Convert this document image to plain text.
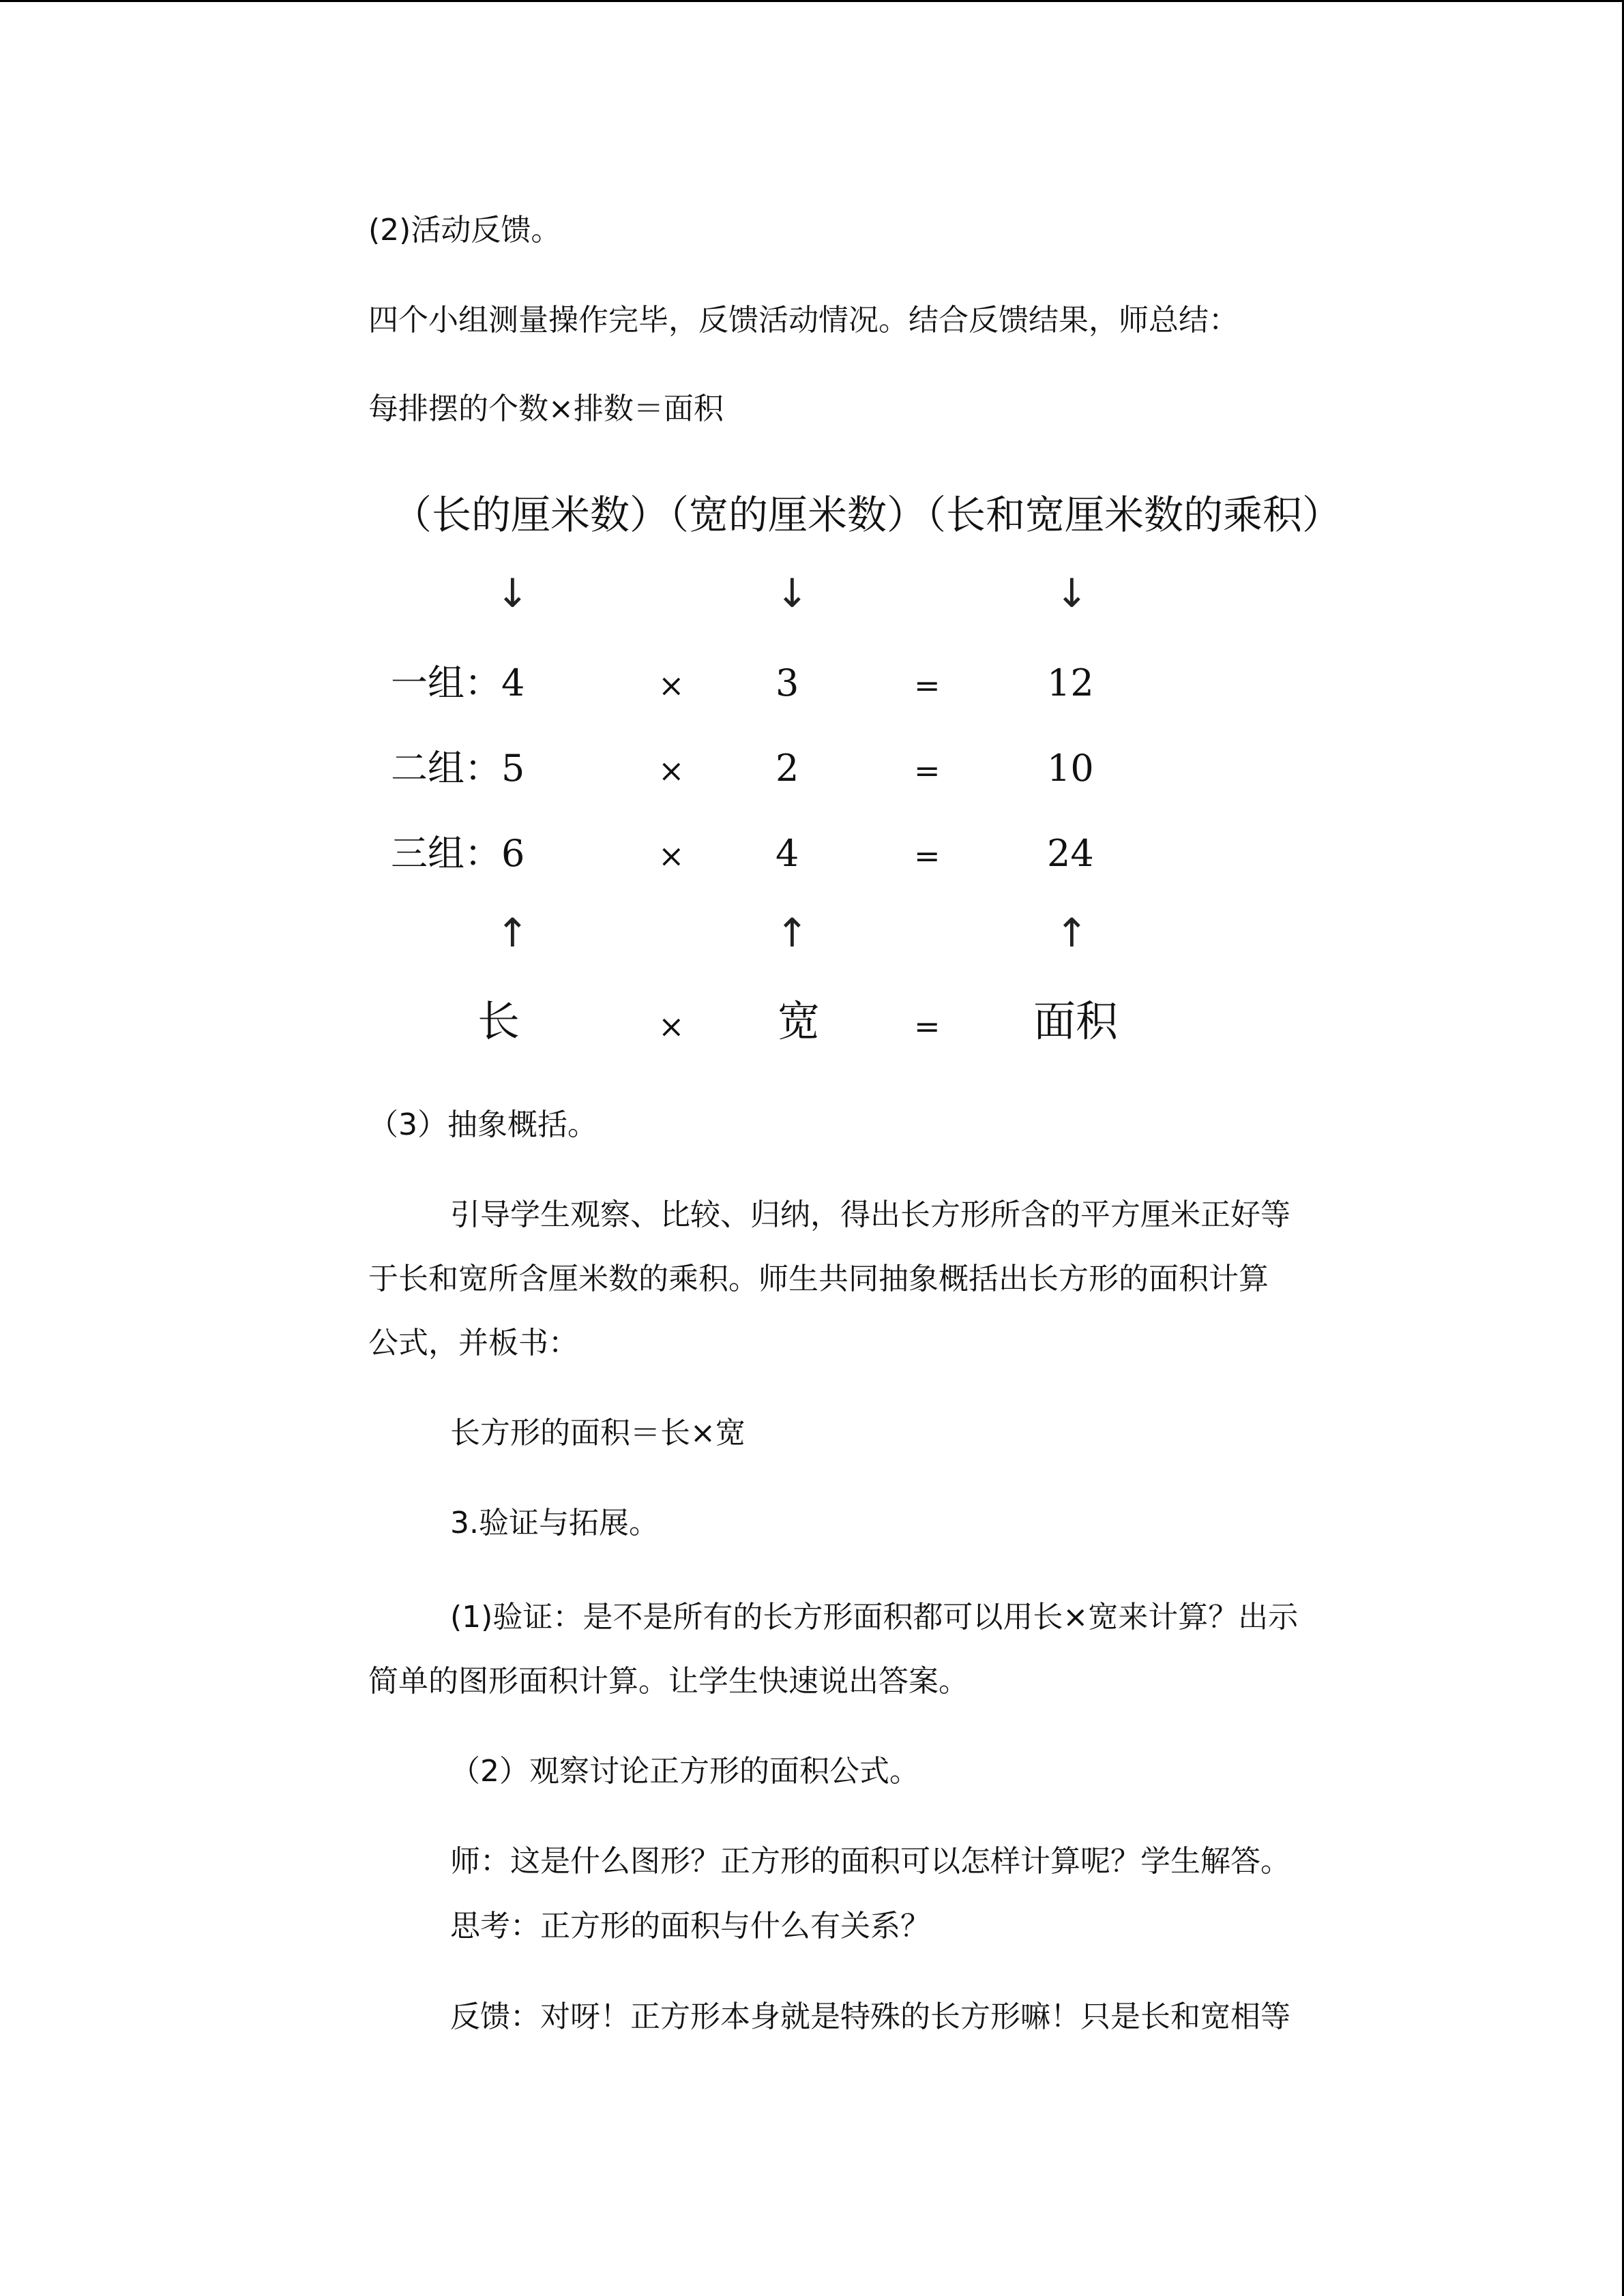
(2)活动反馈。
四个小组测量操作完毕，反馈活动情况。结合反馈结果，师总结：
每排摆的个数×排数＝面积
（长的厘米数）（宽的厘米数）（长和宽厘米数的乘积）
↓	↓	↓
一组：4	× 3	=	12
二组：5	× 2	=	10
三组：6	× 4	=	24
↑	↑	↑
长	× 宽	= 面积
（3）抽象概括。
引导学生观察、比较、归纳，得出长方形所含的平方厘米正好等
于长和宽所含厘米数的乘积。师生共同抽象概括出长方形的面积计算
公式，并板书：
长方形的面积＝长×宽
3.验证与拓展。
(1)验证：是不是所有的长方形面积都可以用长×宽来计算？出示
简单的图形面积计算。让学生快速说出答案。
（2）观察讨论正方形的面积公式。
师：这是什么图形？正方形的面积可以怎样计算呢？学生解答。
思考：正方形的面积与什么有关系？
反馈：对呀！正方形本身就是特殊的长方形嘛！只是长和宽相等
